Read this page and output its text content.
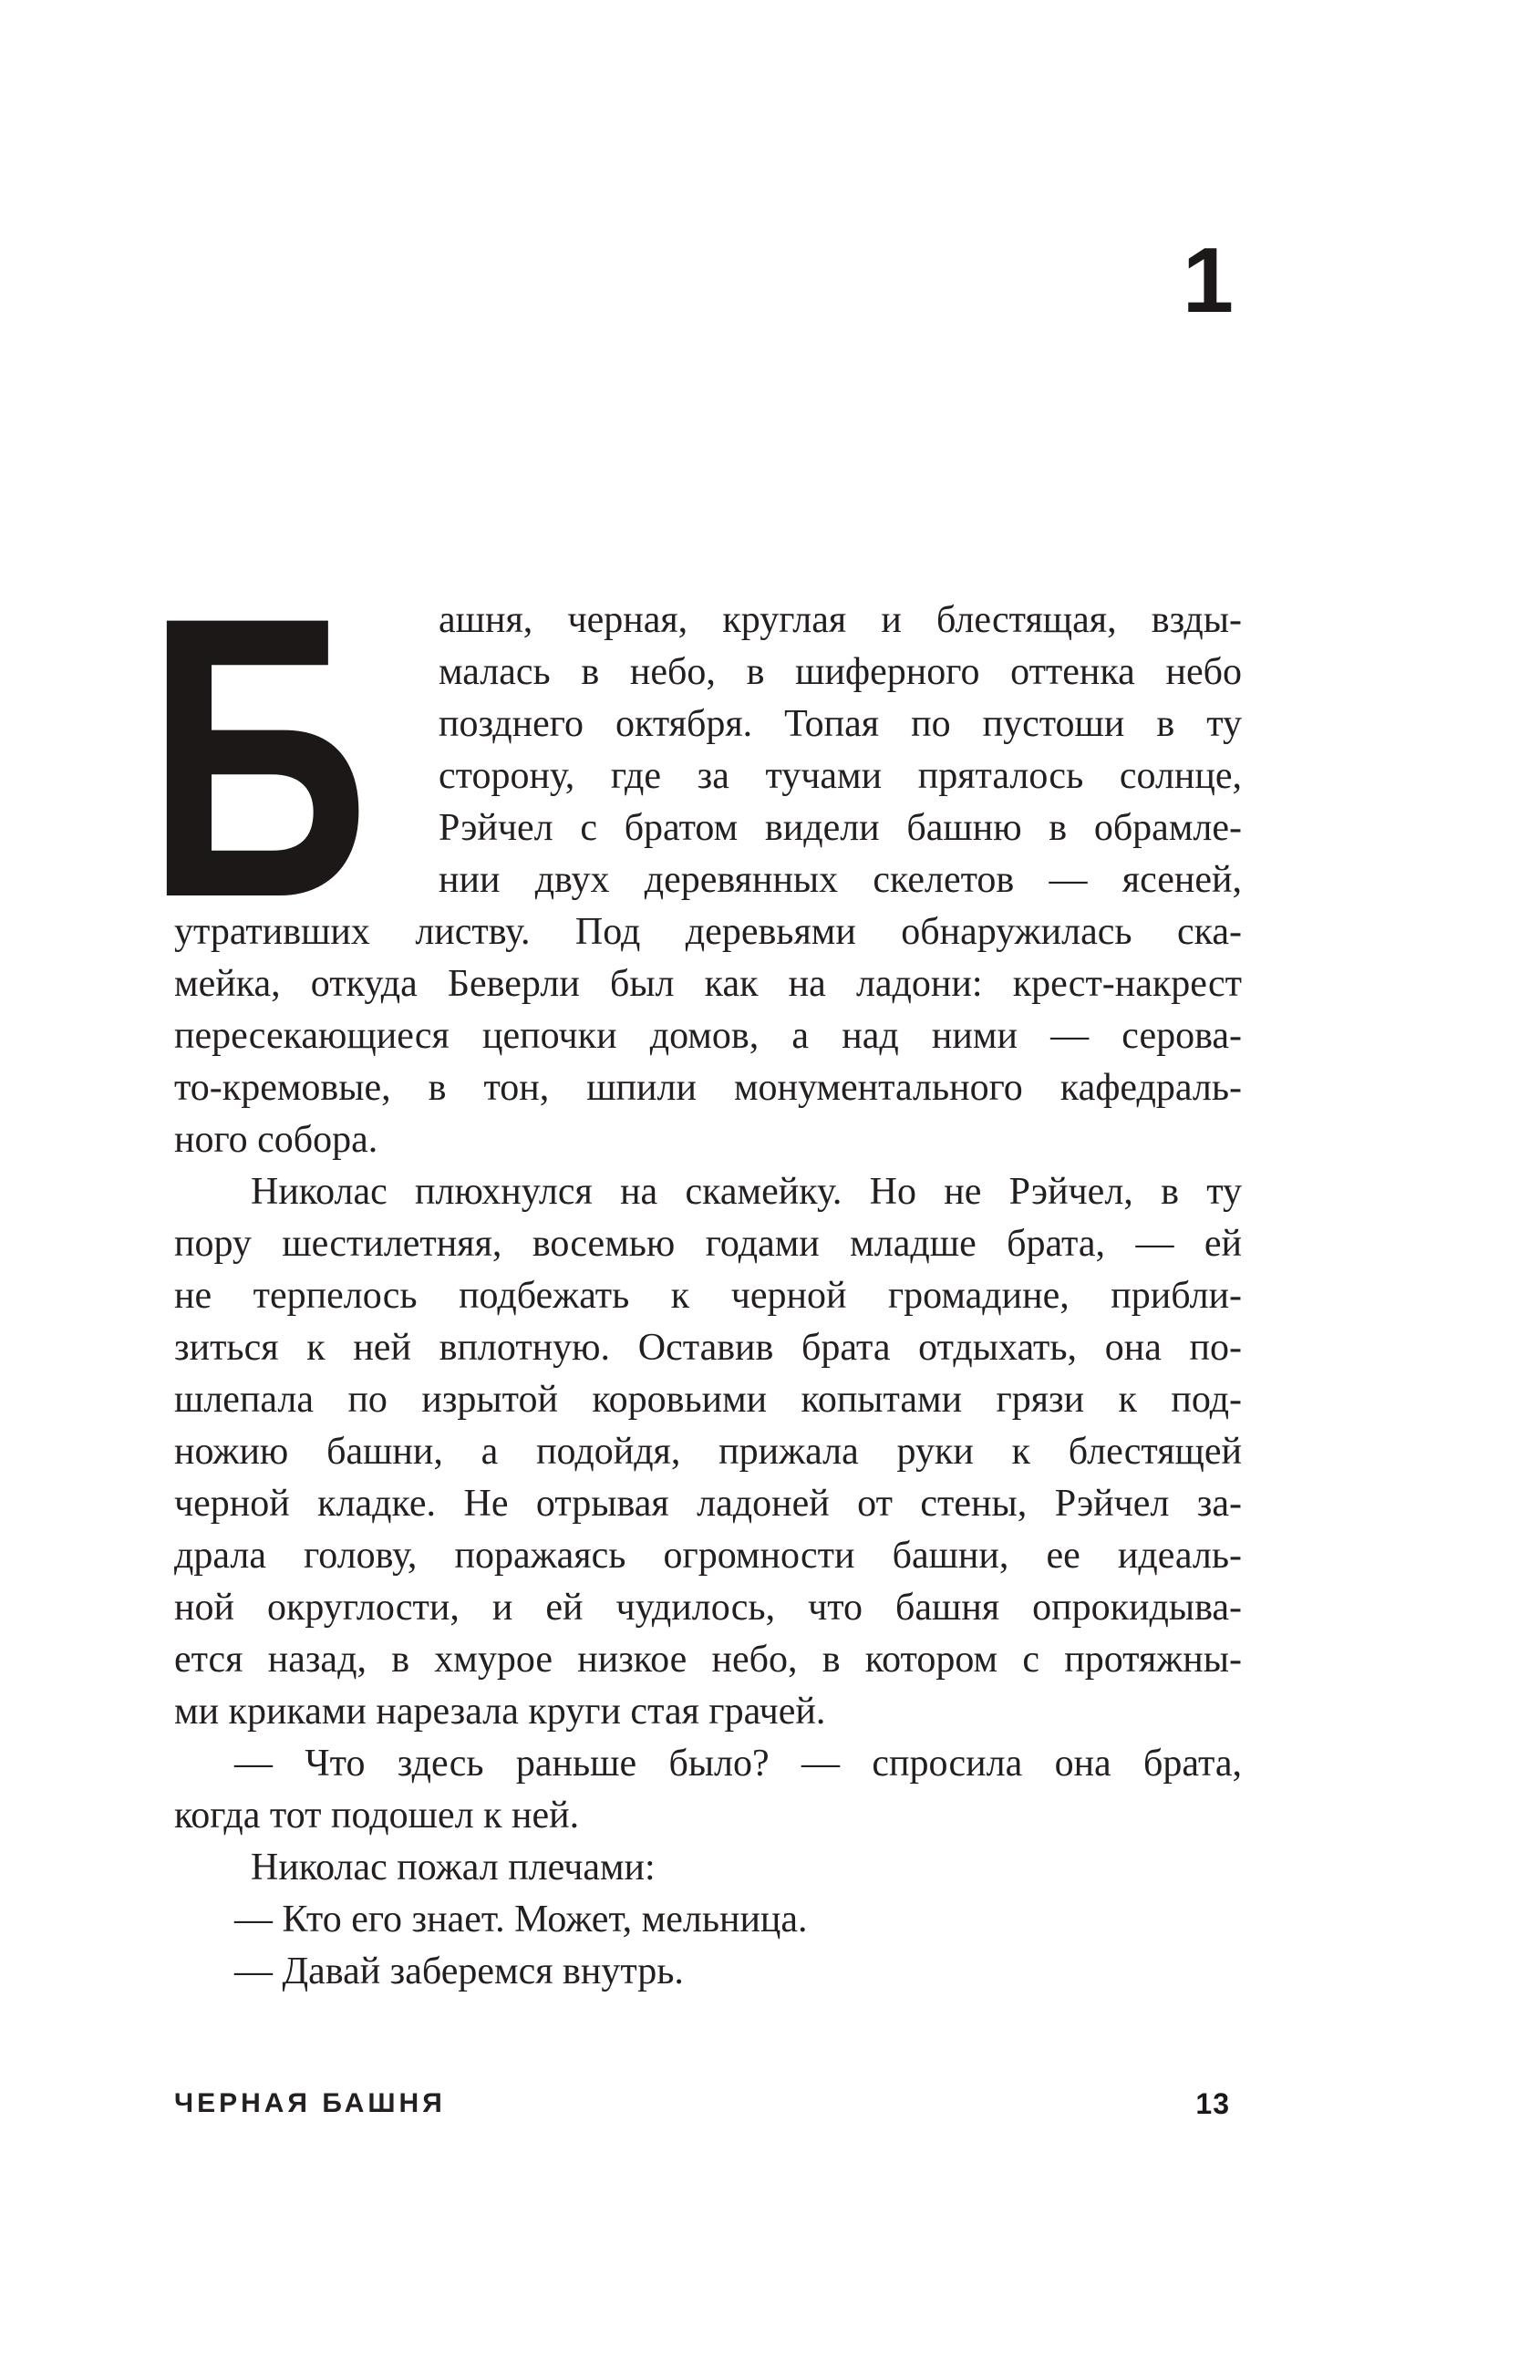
1
Б	ашня, черная, круглая и блестящая, взды-
малась в небо, в шиферного оттенка небо
позднего октября. Топая по пустоши в ту
сторону, где за тучами пряталось солнце,
Рэйчел с братом видели башню в обрамле-
нии двух деревянных скелетов — ясеней,
утративших листву. Под деревьями обнаружилась ска-
мейка, откуда Беверли был как на ладони: крест-накрест
пересекающиеся цепочки домов, а над ними — серова-
то-кремовые, в тон, шпили монументального кафедраль-
ного собора.
Николас плюхнулся на скамейку. Но не Рэйчел, в ту
пору шестилетняя, восемью годами младше брата, — ей
не терпелось подбежать к черной громадине, прибли-
зиться к ней вплотную. Оставив брата отдыхать, она по-
шлепала по изрытой коровьими копытами грязи к под-
ножию башни, а подойдя, прижала руки к блестящей
черной кладке. Не отрывая ладоней от стены, Рэйчел за-
драла голову, поражаясь огромности башни, ее идеаль-
ной округлости, и ей чудилось, что башня опрокидыва-
ется назад, в хмурое низкое небо, в котором с протяжны-
ми криками нарезала круги стая грачей.
— Что здесь раньше было? — спросила она брата,
когда тот подошел к ней.
Николас пожал плечами:
— Кто его знает. Может, мельница.
— Давай заберемся внутрь.
ЧЕРНАЯ БАШНЯ	13
